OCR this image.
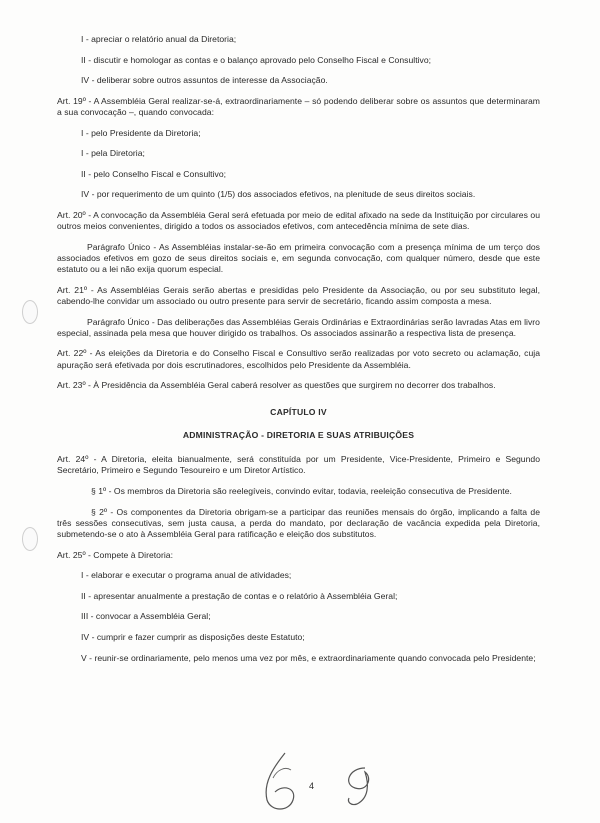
I - apreciar o relatório anual da Diretoria;

II - discutir e homologar as contas e o balanço aprovado pelo Conselho Fiscal e Consultivo;

IV - deliberar sobre outros assuntos de interesse da Associação.

Art. 19º - A Assembléia Geral realizar-se-á, extraordinariamente – só podendo deliberar sobre os assuntos que determinaram a sua convocação –, quando convocada:

I - pelo Presidente da Diretoria;

I - pela Diretoria;

II - pelo Conselho Fiscal e Consultivo;

IV - por requerimento de um quinto (1/5) dos associados efetivos, na plenitude de seus direitos sociais.

Art. 20º - A convocação da Assembléia Geral será efetuada por meio de edital afixado na sede da Instituição por circulares ou outros meios convenientes, dirigido a todos os associados efetivos, com antecedência mínima de sete dias.

Parágrafo Único - As Assembléias instalar-se-ão em primeira convocação com a presença mínima de um terço dos associados efetivos em gozo de seus direitos sociais e, em segunda convocação, com qualquer número, desde que este estatuto ou a lei não exija quorum especial.

Art. 21º - As Assembléias Gerais serão abertas e presididas pelo Presidente da Associação, ou por seu substituto legal, cabendo-lhe convidar um associado ou outro presente para servir de secretário, ficando assim composta a mesa.

Parágrafo Único - Das deliberações das Assembléias Gerais Ordinárias e Extraordinárias serão lavradas Atas em livro especial, assinada pela mesa que houver dirigido os trabalhos. Os associados assinarão a respectiva lista de presença.

Art. 22º - As eleições da Diretoria e do Conselho Fiscal e Consultivo serão realizadas por voto secreto ou aclamação, cuja apuração será efetivada por dois escrutinadores, escolhidos pelo Presidente da Assembléia.

Art. 23º - À Presidência da Assembléia Geral caberá resolver as questões que surgirem no decorrer dos trabalhos.

CAPÍTULO IV

ADMINISTRAÇÃO - DIRETORIA E SUAS ATRIBUIÇÕES

Art. 24º - A Diretoria, eleita bianualmente, será constituída por um Presidente, Vice-Presidente, Primeiro e Segundo Secretário, Primeiro e Segundo Tesoureiro e um Diretor Artístico.

§ 1º - Os membros da Diretoria são reelegíveis, convindo evitar, todavia, reeleição consecutiva de Presidente.

§ 2º - Os componentes da Diretoria obrigam-se a participar das reuniões mensais do órgão, implicando a falta de três sessões consecutivas, sem justa causa, a perda do mandato, por declaração de vacância expedida pela Diretoria, submetendo-se o ato à Assembléia Geral para ratificação e eleição dos substitutos.

Art. 25º - Compete à Diretoria:

I - elaborar e executar o programa anual de atividades;

II - apresentar anualmente a prestação de contas e o relatório à Assembléia Geral;

III - convocar a Assembléia Geral;

IV - cumprir e fazer cumprir as disposições deste Estatuto;

V - reunir-se ordinariamente, pelo menos uma vez por mês, e extraordinariamente quando convocada pelo Presidente;

4
